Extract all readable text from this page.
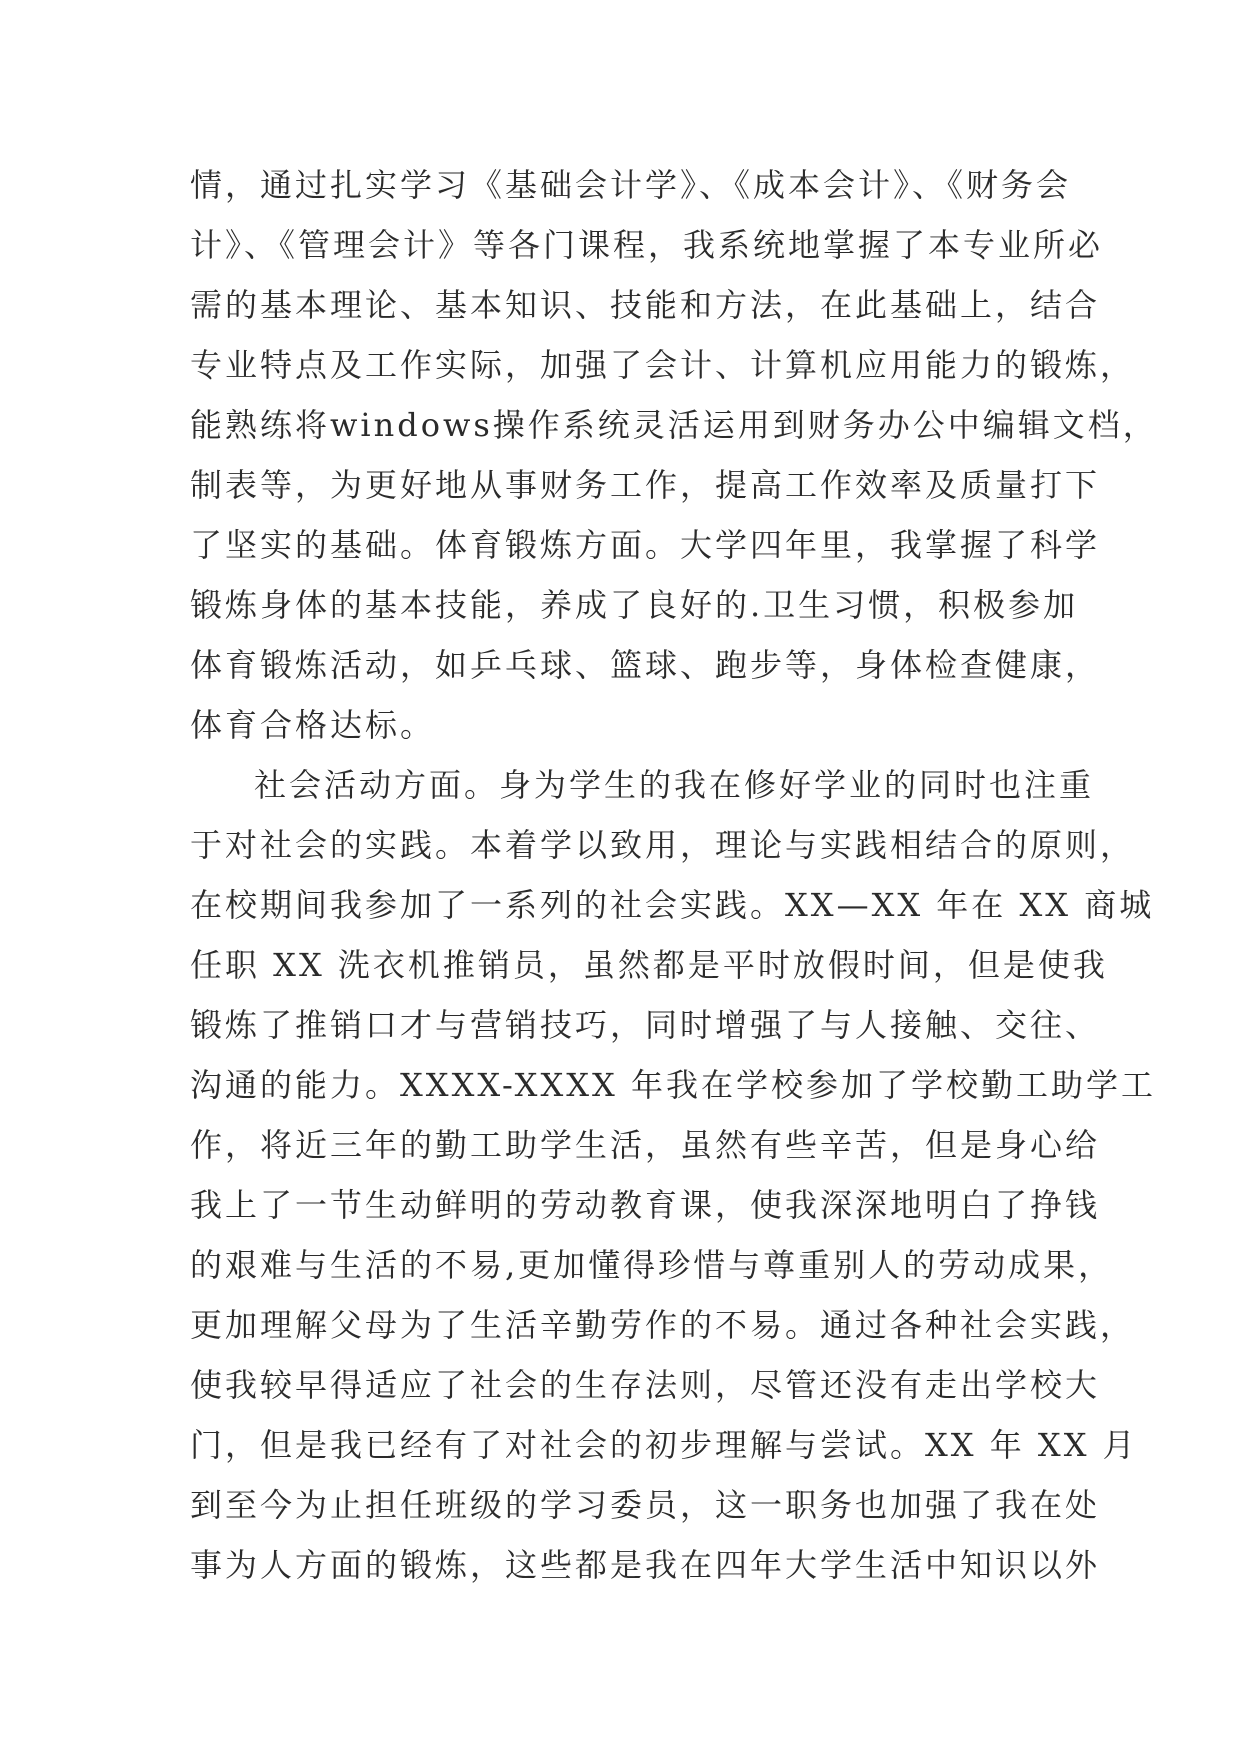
情，通过扎实学习《基础会计学》、《成本会计》、《财务会
计》、《管理会计》等各门课程，我系统地掌握了本专业所必
需的基本理论、基本知识、技能和方法，在此基础上，结合
专业特点及工作实际，加强了会计、计算机应用能力的锻炼，
能熟练将windows操作系统灵活运用到财务办公中编辑文档，
制表等，为更好地从事财务工作，提高工作效率及质量打下
了坚实的基础。体育锻炼方面。大学四年里，我掌握了科学
锻炼身体的基本技能，养成了良好的.卫生习惯，积极参加
体育锻炼活动，如乒乓球、篮球、跑步等，身体检查健康，
体育合格达标。
社会活动方面。身为学生的我在修好学业的同时也注重
于对社会的实践。本着学以致用，理论与实践相结合的原则，
在校期间我参加了一系列的社会实践。XX—XX 年在 XX 商城
任职 XX 洗衣机推销员，虽然都是平时放假时间，但是使我
锻炼了推销口才与营销技巧，同时增强了与人接触、交往、
沟通的能力。XXXX-XXXX 年我在学校参加了学校勤工助学工
作，将近三年的勤工助学生活，虽然有些辛苦，但是身心给
我上了一节生动鲜明的劳动教育课，使我深深地明白了挣钱
的艰难与生活的不易,更加懂得珍惜与尊重别人的劳动成果，
更加理解父母为了生活辛勤劳作的不易。通过各种社会实践，
使我较早得适应了社会的生存法则，尽管还没有走出学校大
门，但是我已经有了对社会的初步理解与尝试。XX 年 XX 月
到至今为止担任班级的学习委员，这一职务也加强了我在处
事为人方面的锻炼，这些都是我在四年大学生活中知识以外
